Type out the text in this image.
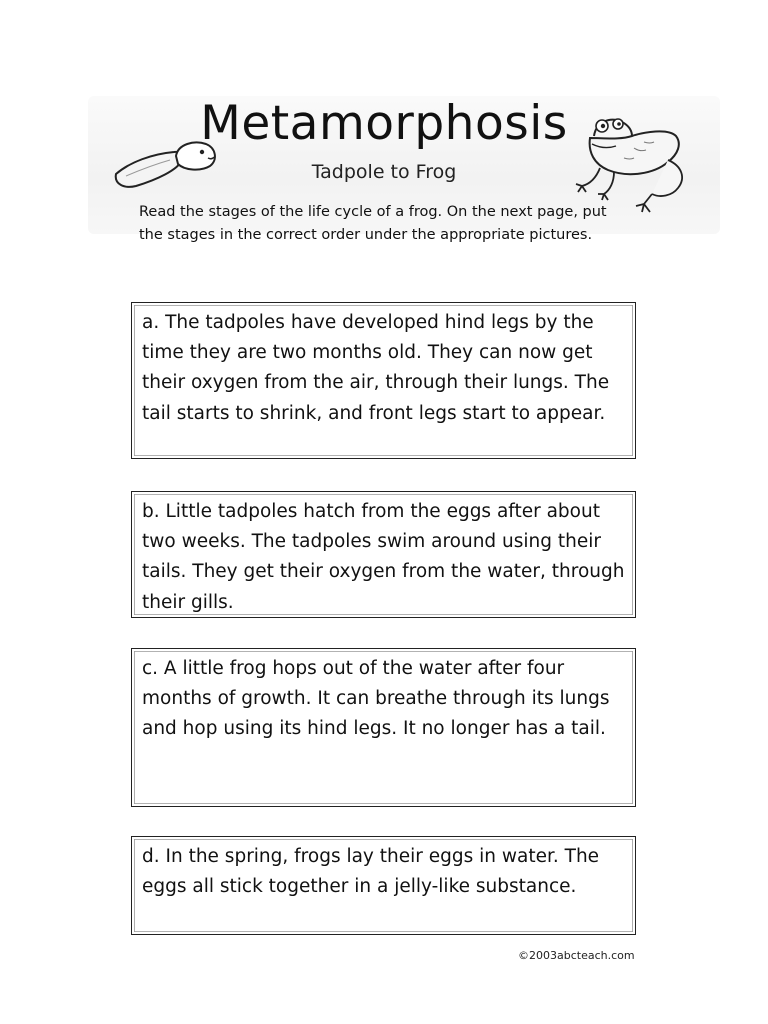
Metamorphosis
Tadpole to Frog
Read the stages of the life cycle of a frog. On the next page, put the stages in the correct order under the appropriate pictures.
a. The tadpoles have developed hind legs by the time they are two months old. They can now get their oxygen from the air, through their lungs. The tail starts to shrink, and front legs start to appear.
b. Little tadpoles hatch from the eggs after about two weeks. The tadpoles swim around using their tails. They get their oxygen from the water, through their gills.
c. A little frog hops out of the water after four months of growth. It can breathe through its lungs and hop using its hind legs. It no longer has a tail.
d. In the spring, frogs lay their eggs in water. The eggs all stick together in a jelly-like substance.
©2003abcteach.com
